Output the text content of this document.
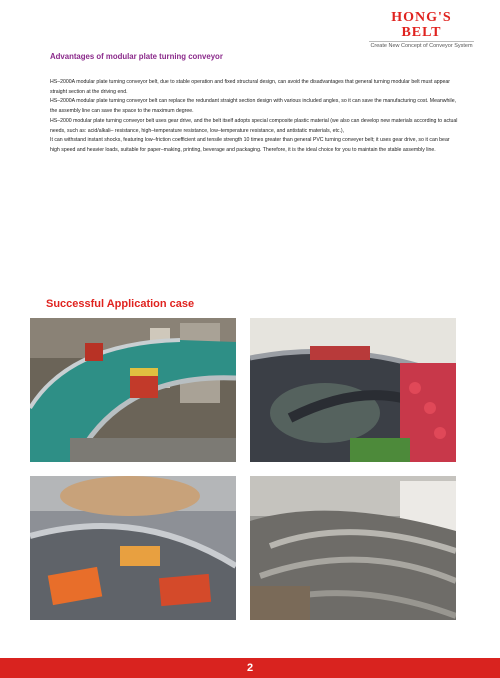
HONG'S BELT
Create New Concept of Conveyor System
Advantages of modular plate turning conveyor

HS–2000A modular plate turning conveyor belt, due to stable operation and fixed structural design, can avoid the disadvantages that general turning modular belt must appear straight section at the driving end.

HS–2000A modular plate turning conveyor belt can replace the redundant straight section design with various included angles, so it can save the manufacturing cost. Meanwhile, the assembly line can save the space to the maximum degree.

HS–2000 modular plate turning conveyor belt uses gear drive, and the belt itself adopts special composite plastic material (we also can develop new materials according to actual needs, such as: acid/alkali– resistance, high–temperature resistance, low–temperature resistance, and antistatic materials, etc.),

It can withstand instant shocks, featuring low–friction coefficient and tensile strength 10 times greater than general PVC turning conveyer belt; it uses gear drive, so it can bear high speed and heavier loads, suitable for paper–making, printing, beverage and packaging. Therefore, it is the ideal choice for you to maintain the stable assembly line.

Successful Application case
2
